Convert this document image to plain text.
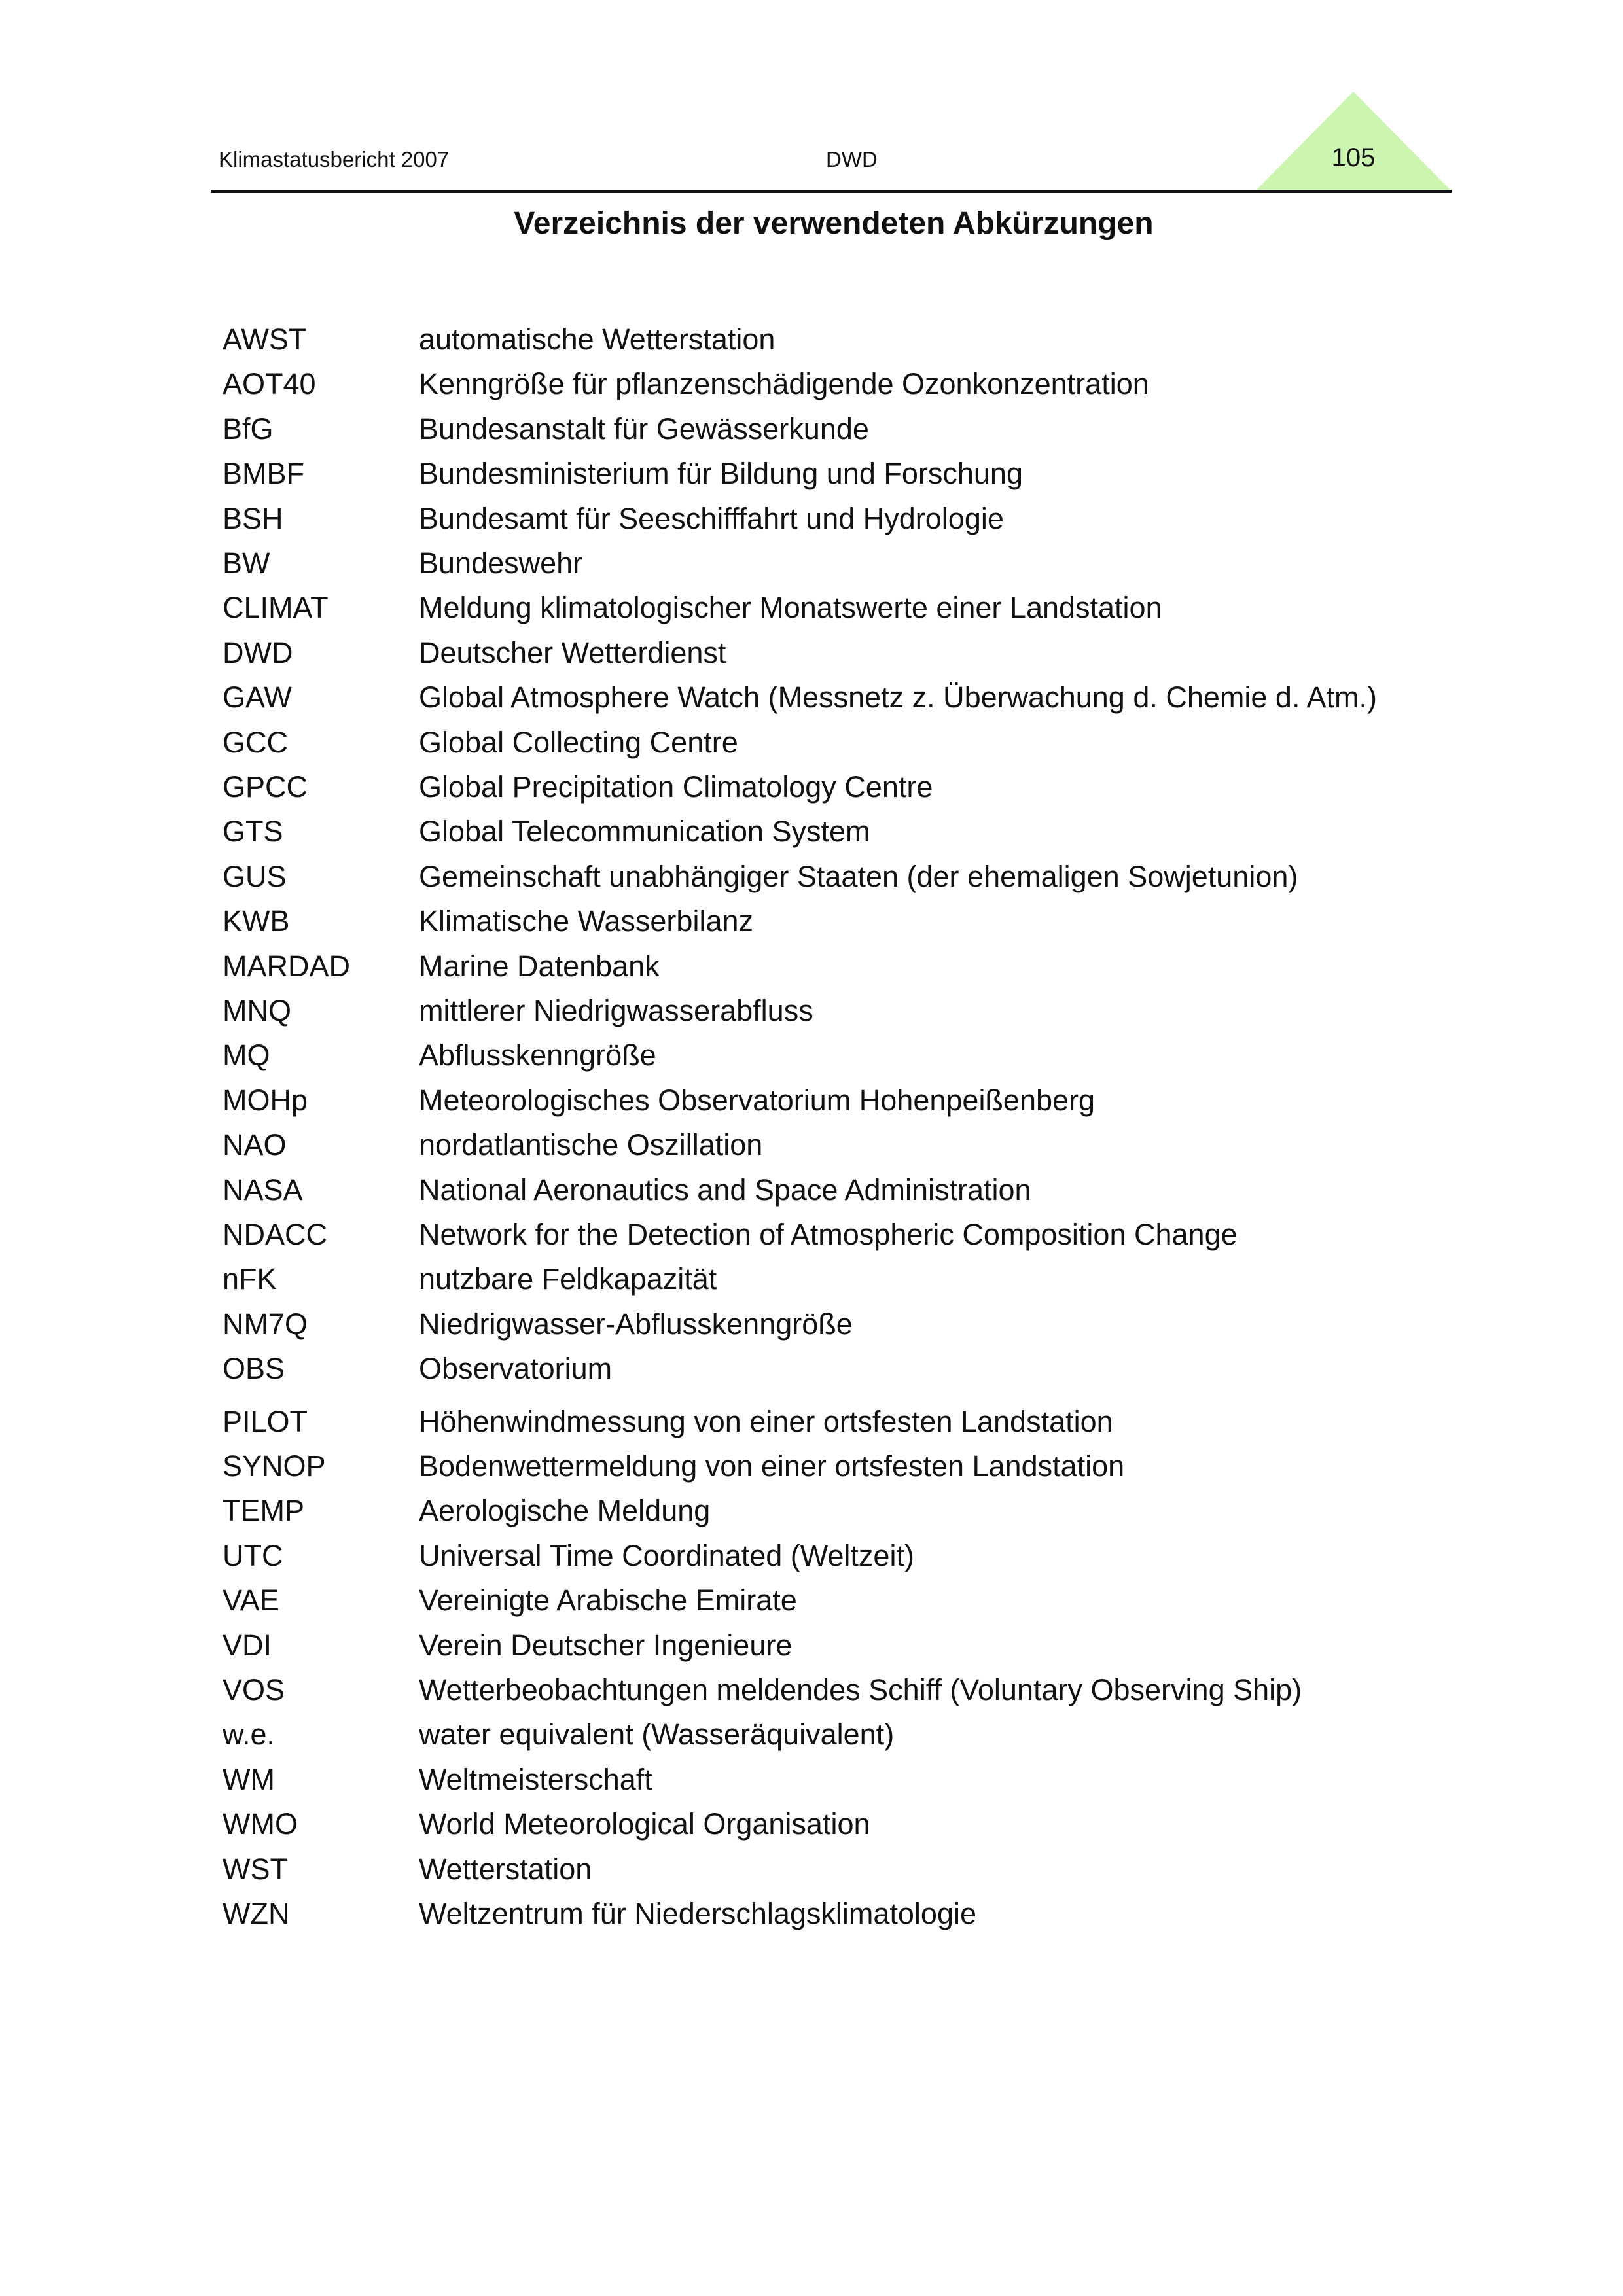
Klimastatusbericht 2007	DWD	105
Verzeichnis der verwendeten Abkürzungen
AWST	automatische Wetterstation
AOT40	Kenngröße für pflanzenschädigende Ozonkonzentration
BfG	Bundesanstalt für Gewässerkunde
BMBF	Bundesministerium für Bildung und Forschung
BSH	Bundesamt für Seeschifffahrt und Hydrologie
BW	Bundeswehr
CLIMAT	Meldung klimatologischer Monatswerte einer Landstation
DWD	Deutscher Wetterdienst
GAW	Global Atmosphere Watch (Messnetz z. Überwachung d. Chemie d. Atm.)
GCC	Global Collecting Centre
GPCC	Global Precipitation Climatology Centre
GTS	Global Telecommunication System
GUS	Gemeinschaft unabhängiger Staaten (der ehemaligen Sowjetunion)
KWB	Klimatische Wasserbilanz
MARDAD Marine Datenbank
MNQ	mittlerer Niedrigwasserabfluss
MQ	Abflusskenngröße
MOHp	Meteorologisches Observatorium Hohenpeißenberg
NAO	nordatlantische Oszillation
NASA	National Aeronautics and Space Administration
NDACC	Network for the Detection of Atmospheric Composition Change
nFK	nutzbare Feldkapazität
NM7Q	Niedrigwasser-Abflusskenngröße
OBS	Observatorium
PILOT	Höhenwindmessung von einer ortsfesten Landstation
SYNOP	Bodenwettermeldung von einer ortsfesten Landstation
TEMP	Aerologische Meldung
UTC	Universal Time Coordinated (Weltzeit)
VAE	Vereinigte Arabische Emirate
VDI	Verein Deutscher Ingenieure
VOS	Wetterbeobachtungen meldendes Schiff (Voluntary Observing Ship)
w.e.	water equivalent (Wasseräquivalent)
WM	Weltmeisterschaft
WMO	World Meteorological Organisation
WST	Wetterstation
WZN	Weltzentrum für Niederschlagsklimatologie
